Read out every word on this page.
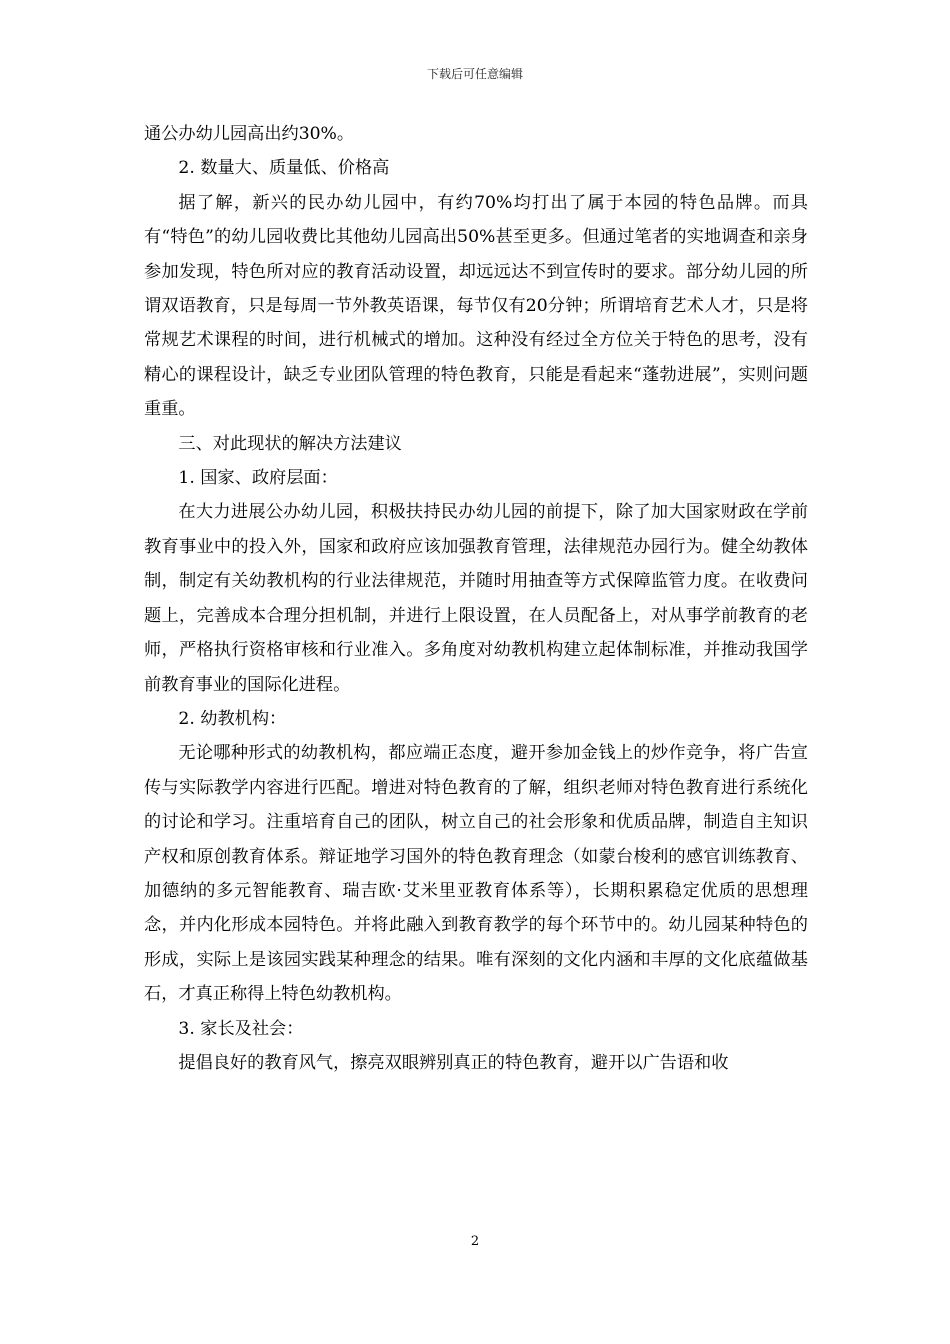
下载后可任意编辑

通公办幼儿园高出约30%。

2. 数量大、质量低、价格高

据了解，新兴的民办幼儿园中，有约70%均打出了属于本园的特色品牌。而具有“特色”的幼儿园收费比其他幼儿园高出50%甚至更多。但通过笔者的实地调查和亲身参加发现，特色所对应的教育活动设置，却远远达不到宣传时的要求。部分幼儿园的所谓双语教育，只是每周一节外教英语课，每节仅有20分钟；所谓培育艺术人才，只是将常规艺术课程的时间，进行机械式的增加。这种没有经过全方位关于特色的思考，没有精心的课程设计，缺乏专业团队管理的特色教育，只能是看起来“蓬勃进展”，实则问题重重。

三、对此现状的解决方法建议

1. 国家、政府层面：

在大力进展公办幼儿园，积极扶持民办幼儿园的前提下，除了加大国家财政在学前教育事业中的投入外，国家和政府应该加强教育管理，法律规范办园行为。健全幼教体制，制定有关幼教机构的行业法律规范，并随时用抽查等方式保障监管力度。在收费问题上，完善成本合理分担机制，并进行上限设置，在人员配备上，对从事学前教育的老师，严格执行资格审核和行业准入。多角度对幼教机构建立起体制标准，并推动我国学前教育事业的国际化进程。

2. 幼教机构：

无论哪种形式的幼教机构，都应端正态度，避开参加金钱上的炒作竞争，将广告宣传与实际教学内容进行匹配。增进对特色教育的了解，组织老师对特色教育进行系统化的讨论和学习。注重培育自己的团队，树立自己的社会形象和优质品牌，制造自主知识产权和原创教育体系。辩证地学习国外的特色教育理念（如蒙台梭利的感官训练教育、加德纳的多元智能教育、瑞吉欧·艾米里亚教育体系等），长期积累稳定优质的思想理念，并内化形成本园特色。并将此融入到教育教学的每个环节中的。幼儿园某种特色的形成，实际上是该园实践某种理念的结果。唯有深刻的文化内涵和丰厚的文化底蕴做基石，才真正称得上特色幼教机构。

3. 家长及社会：

提倡良好的教育风气，擦亮双眼辨别真正的特色教育，避开以广告语和收

2
